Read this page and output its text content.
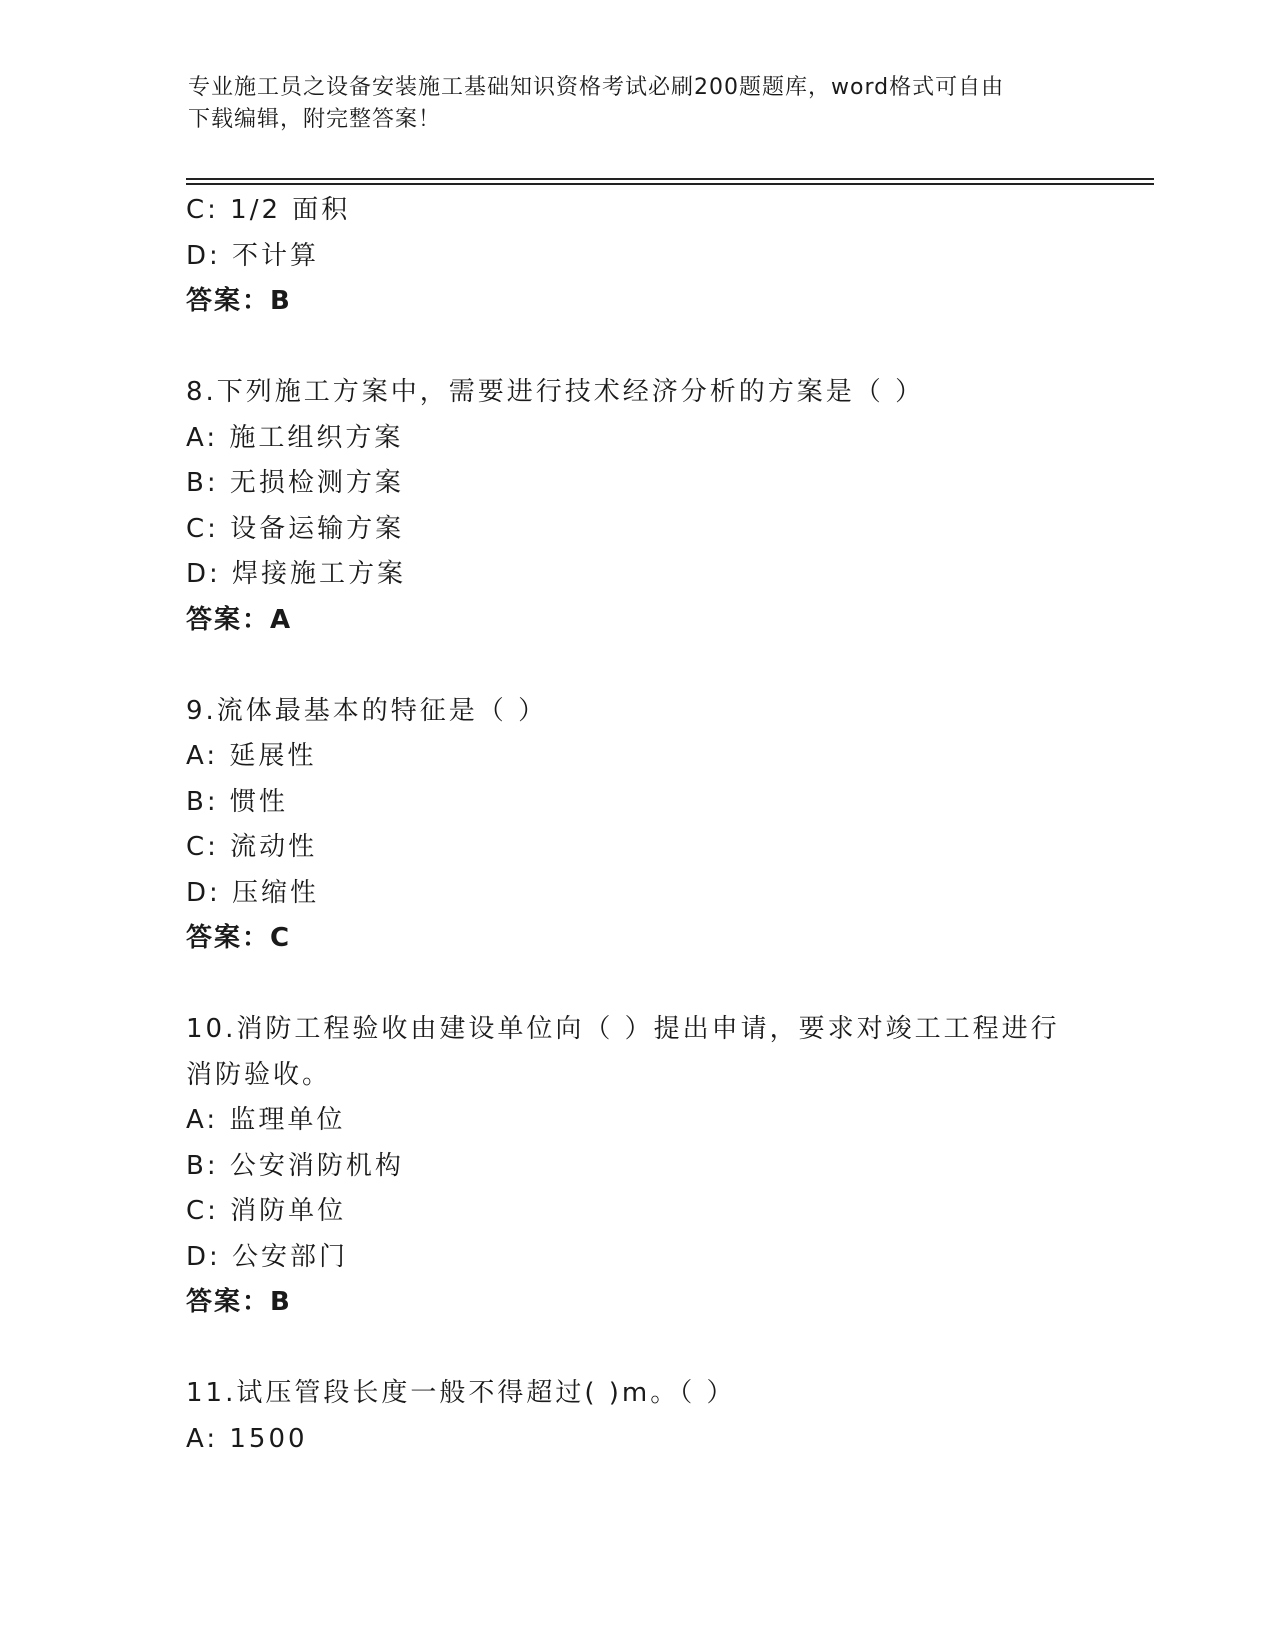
专业施工员之设备安装施工基础知识资格考试必刷200题题库，word格式可自由
下载编辑，附完整答案！
C: 1/2 面积
D: 不计算
答案：B
8.下列施工方案中，需要进行技术经济分析的方案是（ ）
A: 施工组织方案
B: 无损检测方案
C: 设备运输方案
D: 焊接施工方案
答案：A
9.流体最基本的特征是（ ）
A: 延展性
B: 惯性
C: 流动性
D: 压缩性
答案：C
10.消防工程验收由建设单位向（ ）提出申请，要求对竣工工程进行
消防验收。
A: 监理单位
B: 公安消防机构
C: 消防单位
D: 公安部门
答案：B
11.试压管段长度一般不得超过( )m。（ ）
A: 1500
